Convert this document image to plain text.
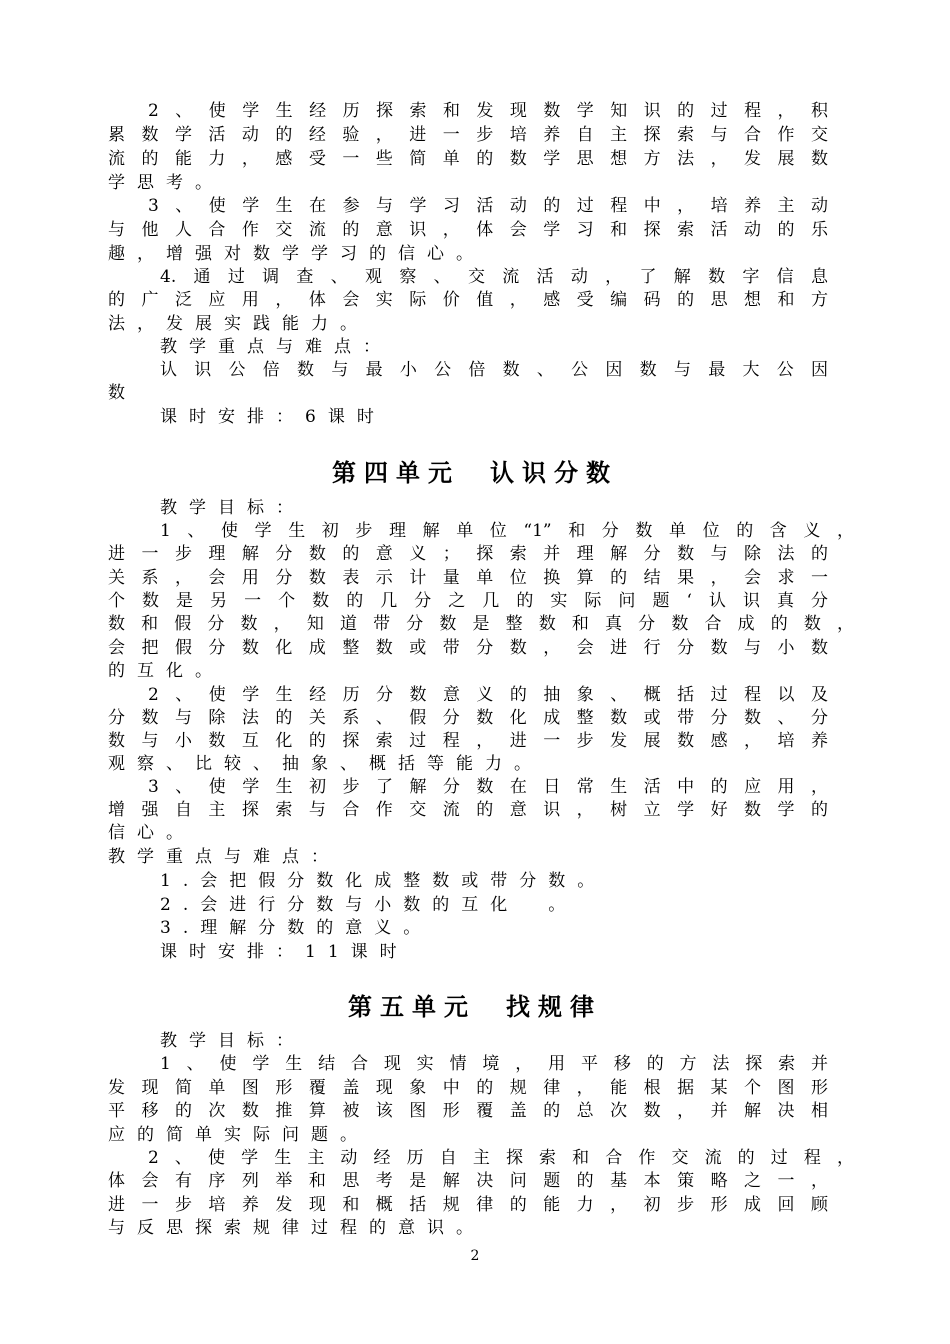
2、使学生经历探索和发现数学知识的过程，积
累数学活动的经验，进一步培养自主探索与合作交
流的能力，感受一些简单的数学思想方法，发展数
学思考。
3、使学生在参与学习活动的过程中，培养主动
与他人合作交流的意识，体会学习和探索活动的乐
趣，增强对数学学习的信心。
4.通过调查、观察、交流活动，了解数字信息
的广泛应用，体会实际价值，感受编码的思想和方
法，发展实践能力。
教学重点与难点：
认识公倍数与最小公倍数、公因数与最大公因
数
课时安排：6课时
第四单元 认识分数
教学目标：
1、使学生初步理解单位“1”和分数单位的含义，
进一步理解分数的意义；探索并理解分数与除法的
关系，会用分数表示计量单位换算的结果，会求一
个数是另一个数的几分之几的实际问题‘认识真分
数和假分数，知道带分数是整数和真分数合成的数，
会把假分数化成整数或带分数，会进行分数与小数
的互化。
2、使学生经历分数意义的抽象、概括过程以及
分数与除法的关系、假分数化成整数或带分数、分
数与小数互化的探索过程，进一步发展数感，培养
观察、比较、抽象、概括等能力。
3、使学生初步了解分数在日常生活中的应用，
增强自主探索与合作交流的意识，树立学好数学的
信心。
教学重点与难点：
1.会把假分数化成整数或带分数。
2.会进行分数与小数的互化　。
3.理解分数的意义。
课时安排：11课时
第五单元 找规律
教学目标：
1、使学生结合现实情境，用平移的方法探索并
发现简单图形覆盖现象中的规律，能根据某个图形
平移的次数推算被该图形覆盖的总次数，并解决相
应的简单实际问题。
2、使学生主动经历自主探索和合作交流的过程，
体会有序列举和思考是解决问题的基本策略之一，
进一步培养发现和概括规律的能力，初步形成回顾
与反思探索规律过程的意识。
2
